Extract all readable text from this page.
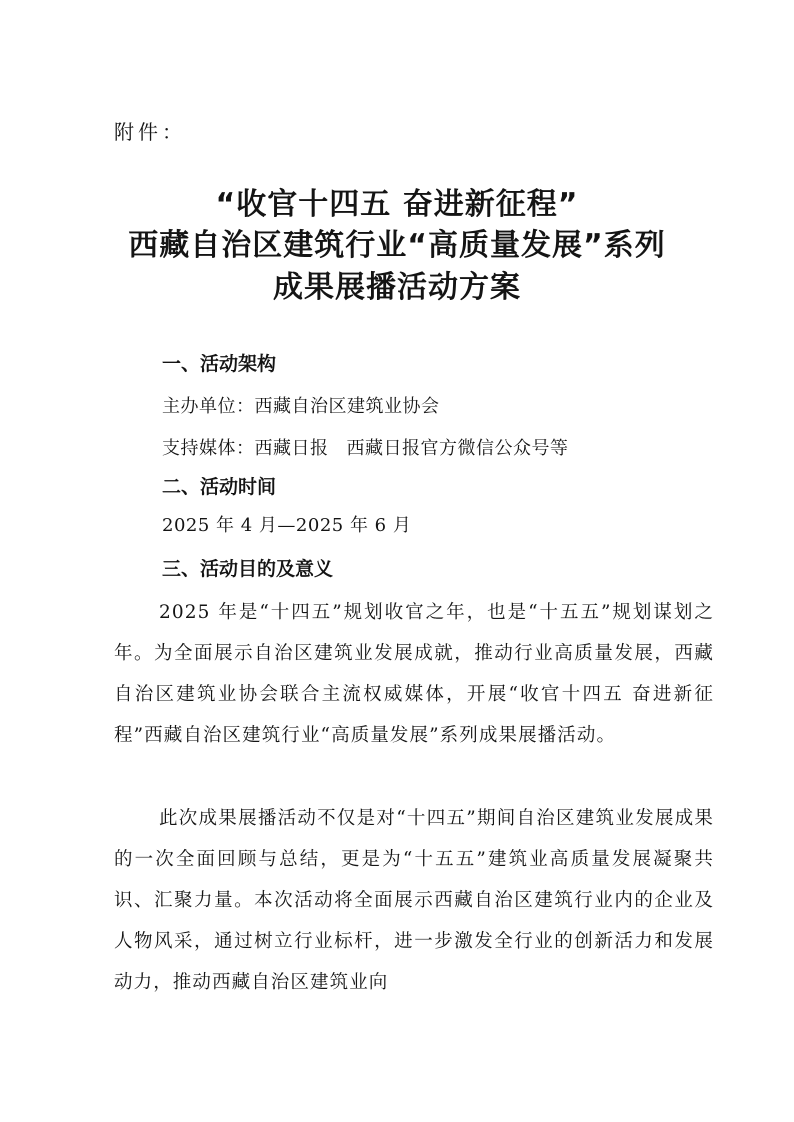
附件：
“收官十四五 奋进新征程”
西藏自治区建筑行业“高质量发展”系列
成果展播活动方案
一、活动架构
主办单位：西藏自治区建筑业协会
支持媒体：西藏日报 西藏日报官方微信公众号等
二、活动时间
2025 年 4 月—2025 年 6 月
三、活动目的及意义
2025 年是“十四五”规划收官之年，也是“十五五”规划谋划之年。为全面展示自治区建筑业发展成就，推动行业高质量发展，西藏自治区建筑业协会联合主流权威媒体，开展“收官十四五 奋进新征程”西藏自治区建筑行业“高质量发展”系列成果展播活动。
此次成果展播活动不仅是对“十四五”期间自治区建筑业发展成果的一次全面回顾与总结，更是为“十五五”建筑业高质量发展凝聚共识、汇聚力量。本次活动将全面展示西藏自治区建筑行业内的企业及人物风采，通过树立行业标杆，进一步激发全行业的创新活力和发展动力，推动西藏自治区建筑业向
